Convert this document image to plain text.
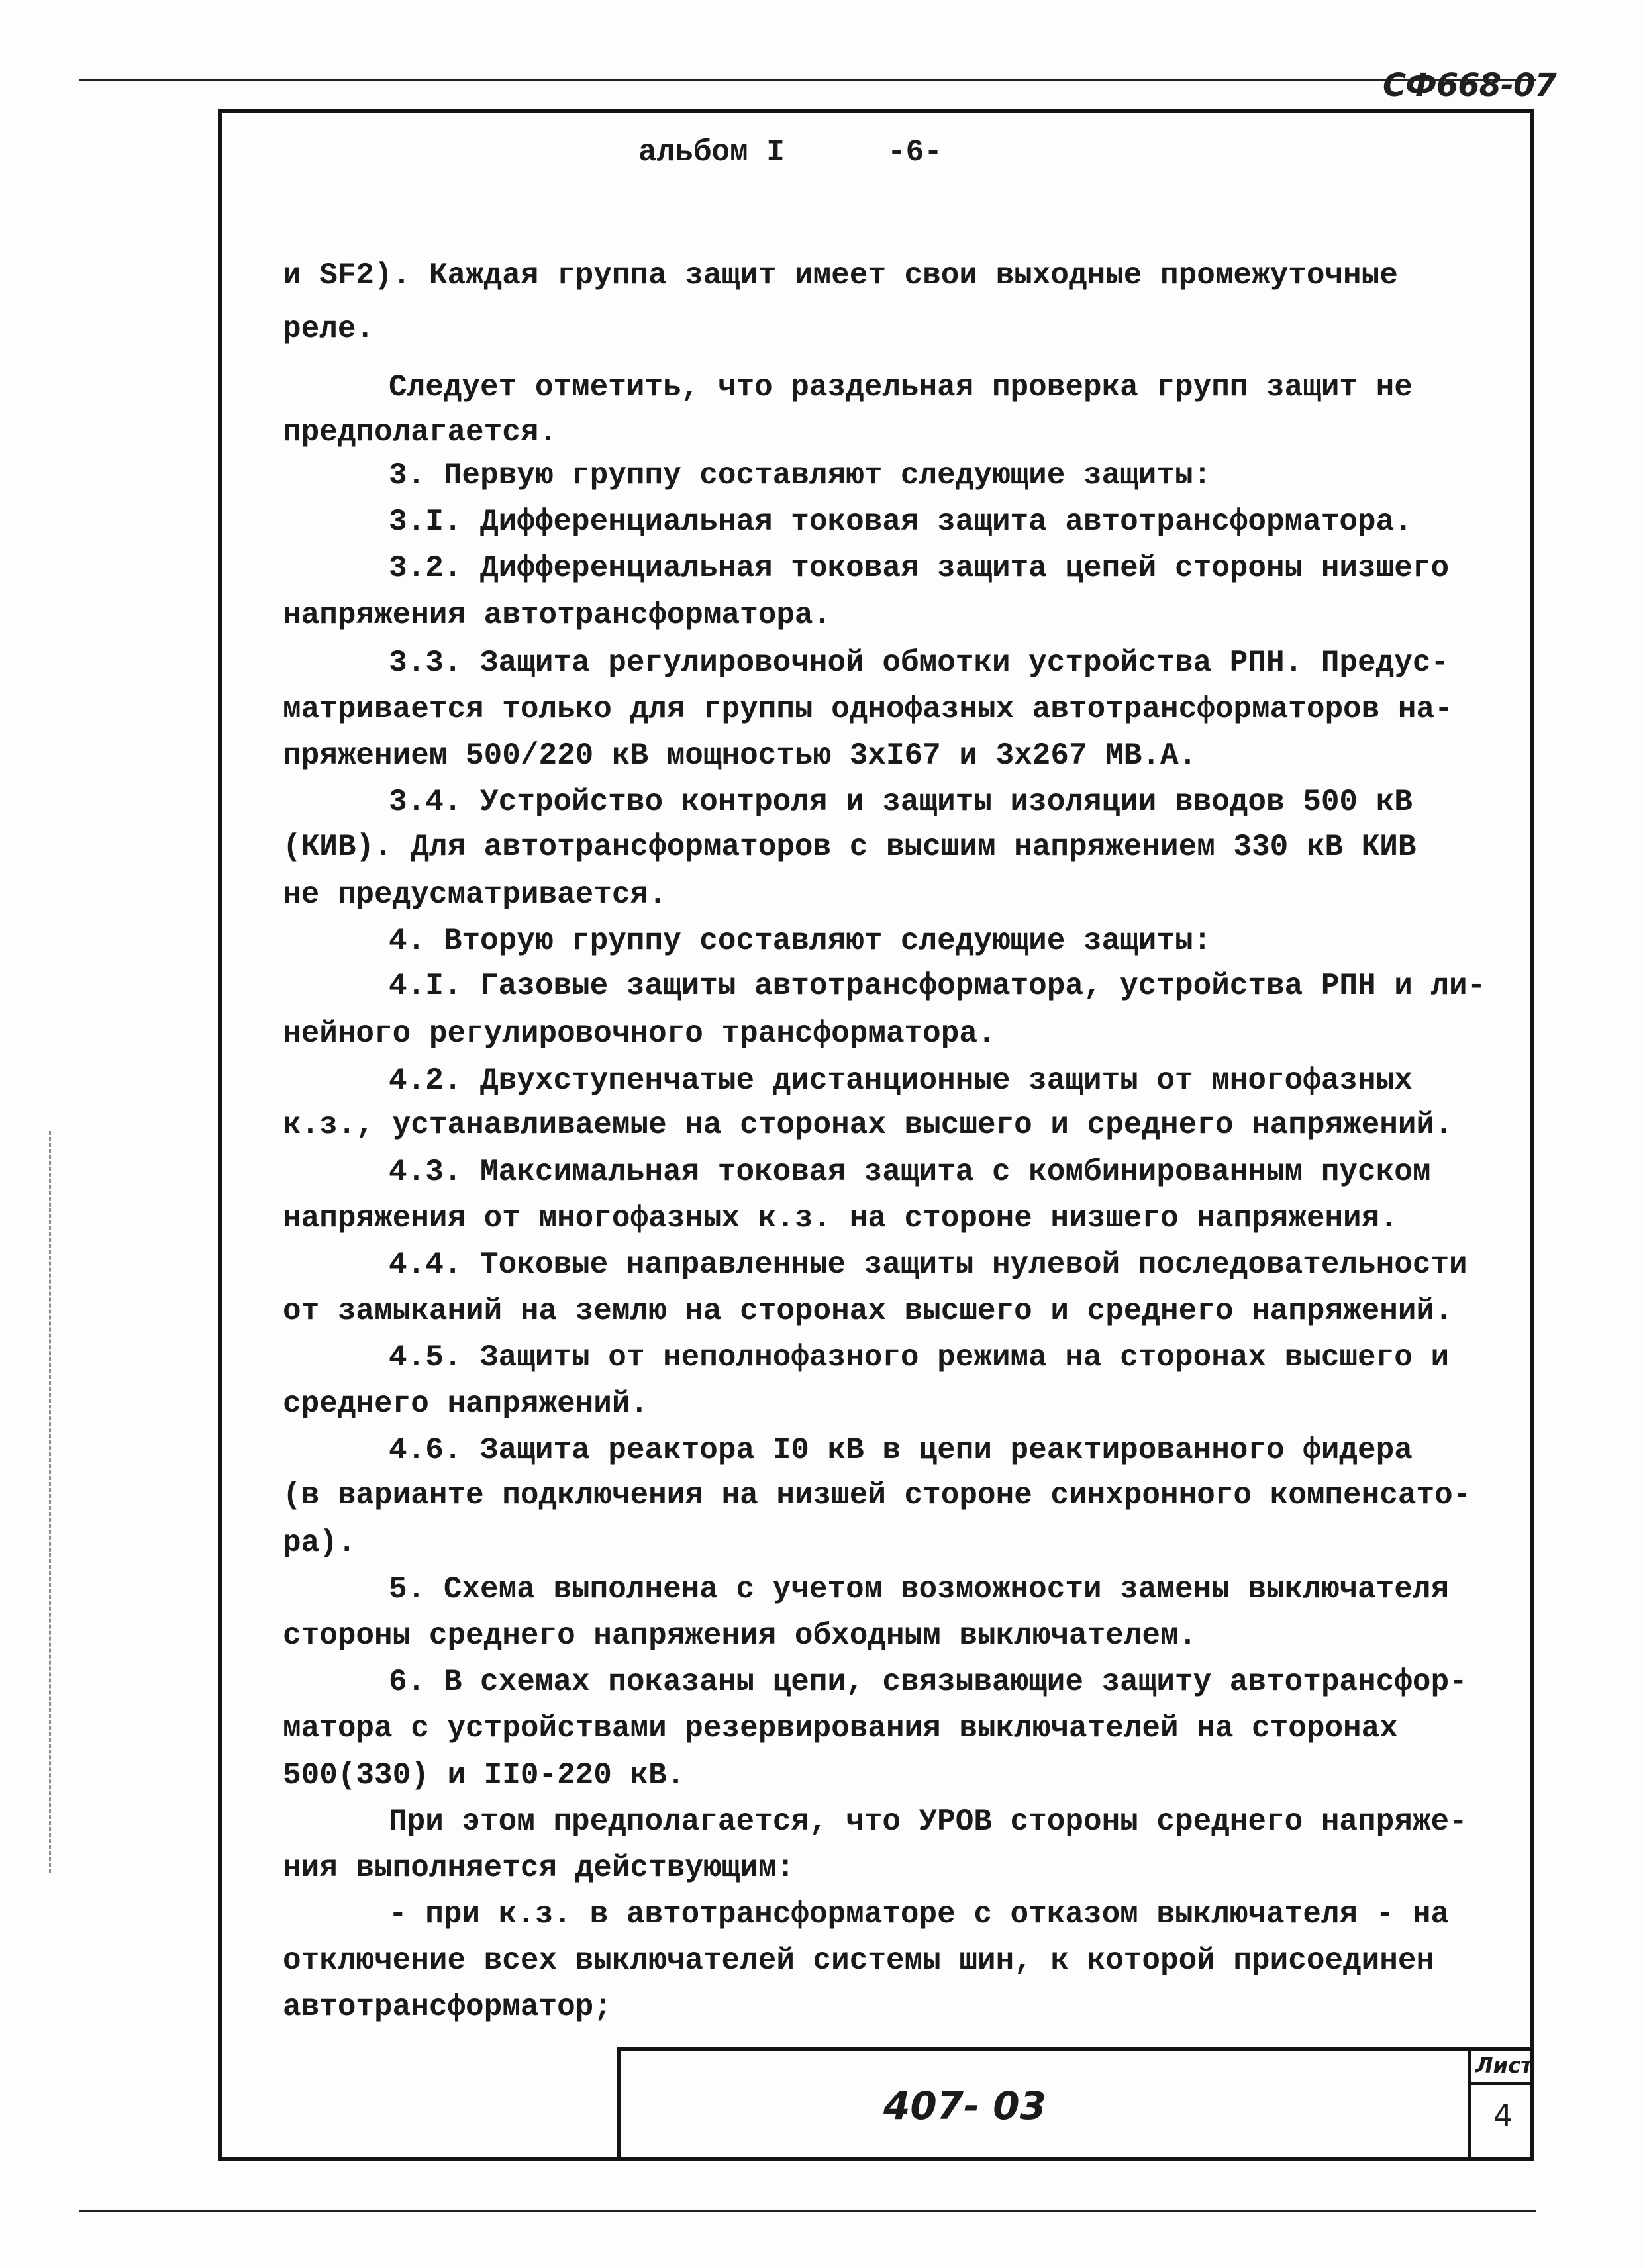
СФ668-07
альбом I	-6-
и SF2). Каждая группа защит имеет свои выходные промежуточные
реле.
Следует отметить, что раздельная проверка групп защит не
предполагается.
3. Первую группу составляют следующие защиты:
3.I. Дифференциальная токовая защита автотрансформатора.
3.2. Дифференциальная токовая защита цепей стороны низшего
напряжения автотрансформатора.
3.3. Защита регулировочной обмотки устройства РПН. Предус-
матривается только для группы однофазных автотрансформаторов на-
пряжением 500/220 кВ мощностью 3хI67 и 3х267 МВ.А.
3.4. Устройство контроля и защиты изоляции вводов 500 кВ
(КИВ). Для автотрансформаторов с высшим напряжением 330 кВ КИВ
не предусматривается.
4. Вторую группу составляют следующие защиты:
4.I. Газовые защиты автотрансформатора, устройства РПН и ли-
нейного регулировочного трансформатора.
4.2. Двухступенчатые дистанционные защиты от многофазных
к.з., устанавливаемые на сторонах высшего и среднего напряжений.
4.3. Максимальная токовая защита с комбинированным пуском
напряжения от многофазных к.з. на стороне низшего напряжения.
4.4. Токовые направленные защиты нулевой последовательности
от замыканий на землю на сторонах высшего и среднего напряжений.
4.5. Защиты от неполнофазного режима на сторонах высшего и
среднего напряжений.
4.6. Защита реактора I0 кВ в цепи реактированного фидера
(в варианте подключения на низшей стороне синхронного компенсато-
ра).
5. Схема выполнена с учетом возможности замены выключателя
стороны среднего напряжения обходным выключателем.
6. В схемах показаны цепи, связывающие защиту автотрансфор-
матора с устройствами резервирования выключателей на сторонах
500(330) и II0-220 кВ.
При этом предполагается, что УРОВ стороны среднего напряже-
ния выполняется действующим:
- при к.з. в автотрансформаторе с отказом выключателя - на
отключение всех выключателей системы шин, к которой присоединен
автотрансформатор;
407- 03
Лист
4
